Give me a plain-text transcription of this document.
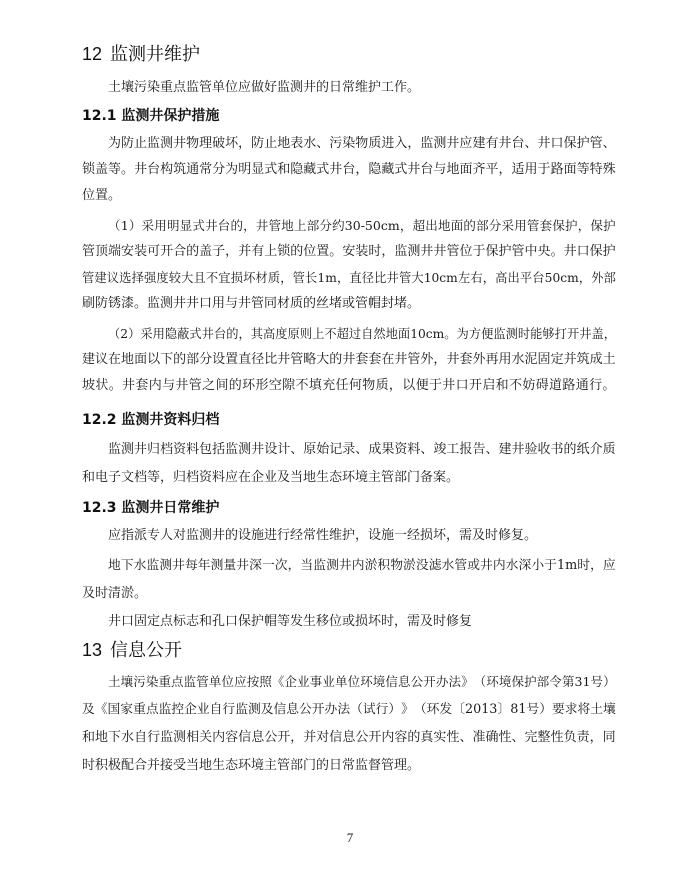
12 监测井维护
土壤污染重点监管单位应做好监测井的日常维护工作。
12.1 监测井保护措施
为 防 止 监 测 井 物 理 破 坏 ， 防 止 地 表 水 、 污 染 物 质 进 入 ， 监 测 井 应 建 有 井 台 、 井 口 保 护 管 、
锁 盖 等 。 井 台 构 筑 通 常 分 为 明 显 式 和 隐 藏 式 井 台 ， 隐 藏 式 井 台 与 地 面 齐 平 ， 适 用 于 路 面 等 特 殊
位置。
（ 1 ） 采 用 明 显 式 井 台 的 ， 井 管 地 上 部 分 约 30-50cm ， 超 出 地 面 的 部 分 采 用 管 套 保 护 ， 保 护
管 顶 端 安 装 可 开 合 的 盖 子 ， 并 有 上 锁 的 位 置 。 安 装 时 ， 监 测 井 井 管 位 于 保 护 管 中 央 。 井 口 保 护
管 建 议 选 择 强 度 较 大 且 不 宜 损 坏 材 质 ， 管 长 1m ， 直 径 比 井 管 大 10cm 左 右 ， 高 出 平 台 50cm ， 外 部
刷防锈漆。监测井井口用与井管同材质的丝堵或管帽封堵。
（ 2 ） 采 用 隐 蔽 式 井 台 的 ， 其 高 度 原 则 上 不 超 过 自 然 地 面 10cm 。 为 方 便 监 测 时 能 够 打 开 井 盖 ，
建 议 在 地 面 以 下 的 部 分 设 置 直 径 比 井 管 略 大 的 井 套 套 在 井 管 外 ， 井 套 外 再 用 水 泥 固 定 并 筑 成 土
坡 状 。 井 套 内 与 井 管 之 间 的 环 形 空 隙 不 填 充 任 何 物 质 ， 以 便 于 井 口 开 启 和 不 妨 碍 道 路 通 行 。
12.2 监测井资料归档
监 测 井 归 档 资 料 包 括 监 测 井 设 计 、 原 始 记 录 、 成 果 资 料 、 竣 工 报 告 、 建 井 验 收 书 的 纸 介 质
和电子文档等，归档资料应在企业及当地生态环境主管部门备案。
12.3 监测井日常维护
应指派专人对监测井的设施进行经常性维护，设施一经损坏，需及时修复。
地 下 水 监 测 井 每 年 测 量 井 深 一 次 ， 当 监 测 井 内 淤 积 物 淤 没 滤 水 管 或 井 内 水 深 小 于 1m 时 ， 应
及时清淤。
井口固定点标志和孔口保护帽等发生移位或损坏时，需及时修复
13 信息公开
土 壤 污 染 重 点 监 管 单 位 应 按 照 《 企 业 事 业 单 位 环 境 信 息 公 开 办 法 》 （ 环 境 保 护 部 令 第 31 号 ）
及 《 国 家 重 点 监 控 企 业 自 行 监 测 及 信 息 公 开 办 法 （ 试 行 ） 》 （ 环 发 〔 2013 〕 81 号 ） 要 求 将 土 壤
和 地 下 水 自 行 监 测 相 关 内 容 信 息 公 开 ， 并 对 信 息 公 开 内 容 的 真 实 性 、 准 确 性 、 完 整 性 负 责 ， 同
时积极配合并接受当地生态环境主管部门的日常监督管理。
7
